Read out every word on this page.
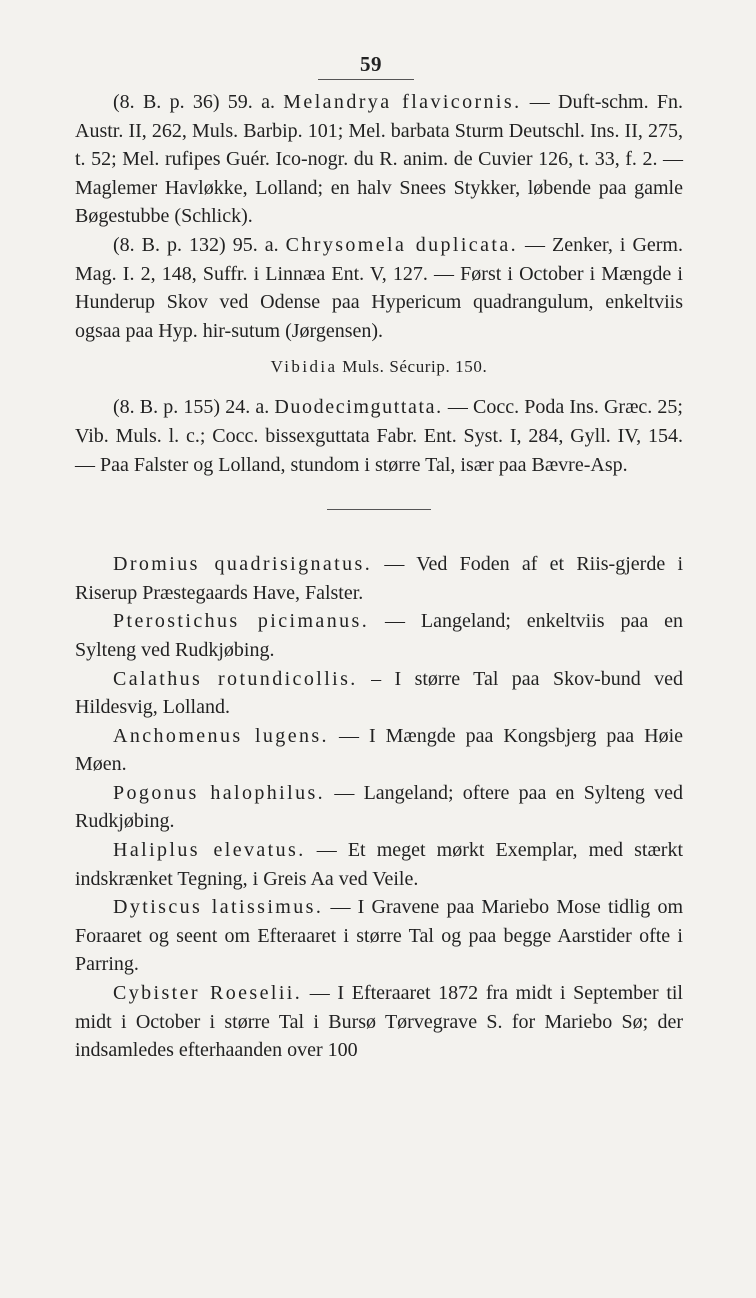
59

(8. B. p. 36) 59. a. Melandrya flavicornis. — Duft-schm. Fn. Austr. II, 262, Muls. Barbip. 101; Mel. barbata Sturm Deutschl. Ins. II, 275, t. 52; Mel. rufipes Guér. Ico-nogr. du R. anim. de Cuvier 126, t. 33, f. 2. — Maglemer Havløkke, Lolland; en halv Snees Stykker, løbende paa gamle Bøgestubbe (Schlick).

(8. B. p. 132) 95. a. Chrysomela duplicata. — Zenker, i Germ. Mag. I. 2, 148, Suffr. i Linnæa Ent. V, 127. — Først i October i Mængde i Hunderup Skov ved Odense paa Hypericum quadrangulum, enkeltviis ogsaa paa Hyp. hir-sutum (Jørgensen).

Vibidia Muls. Sécurip. 150.

(8. B. p. 155) 24. a. Duodecimguttata. — Cocc. Poda Ins. Græc. 25; Vib. Muls. l. c.; Cocc. bissexguttata Fabr. Ent. Syst. I, 284, Gyll. IV, 154. — Paa Falster og Lolland, stundom i større Tal, især paa Bævre-Asp.

Dromius quadrisignatus. — Ved Foden af et Riis-gjerde i Riserup Præstegaards Have, Falster.

Pterostichus picimanus. — Langeland; enkeltviis paa en Sylteng ved Rudkjøbing.

Calathus rotundicollis. – I større Tal paa Skov-bund ved Hildesvig, Lolland.

Anchomenus lugens. — I Mængde paa Kongsbjerg paa Høie Møen.

Pogonus halophilus. — Langeland; oftere paa en Sylteng ved Rudkjøbing.

Haliplus elevatus. — Et meget mørkt Exemplar, med stærkt indskrænket Tegning, i Greis Aa ved Veile.

Dytiscus latissimus. — I Gravene paa Mariebo Mose tidlig om Foraaret og seent om Efteraaret i større Tal og paa begge Aarstider ofte i Parring.

Cybister Roeselii. — I Efteraaret 1872 fra midt i September til midt i October i større Tal i Bursø Tørvegrave S. for Mariebo Sø; der indsamledes efterhaanden over 100
